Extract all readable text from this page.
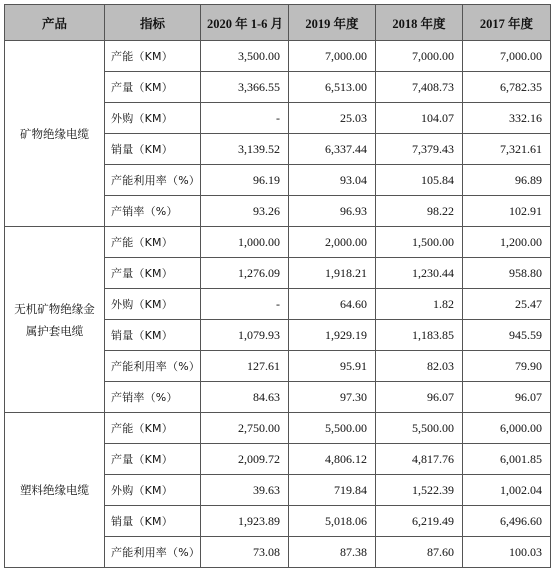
产品	指标	2020 年 1-6 月	2019 年度	2018 年度	2017 年度
矿物绝缘电缆	产能（KM）	3,500.00	7,000.00	7,000.00	7,000.00
	产量（KM）	3,366.55	6,513.00	7,408.73	6,782.35
	外购（KM）	-	25.03	104.07	332.16
	销量（KM）	3,139.52	6,337.44	7,379.43	7,321.61
	产能利用率（%）	96.19	93.04	105.84	96.89
	产销率（%）	93.26	96.93	98.22	102.91
无机矿物绝缘金属护套电缆	产能（KM）	1,000.00	2,000.00	1,500.00	1,200.00
	产量（KM）	1,276.09	1,918.21	1,230.44	958.80
	外购（KM）	-	64.60	1.82	25.47
	销量（KM）	1,079.93	1,929.19	1,183.85	945.59
	产能利用率（%）	127.61	95.91	82.03	79.90
	产销率（%）	84.63	97.30	96.07	96.07
塑料绝缘电缆	产能（KM）	2,750.00	5,500.00	5,500.00	6,000.00
	产量（KM）	2,009.72	4,806.12	4,817.76	6,001.85
	外购（KM）	39.63	719.84	1,522.39	1,002.04
	销量（KM）	1,923.89	5,018.06	6,219.49	6,496.60
	产能利用率（%）	73.08	87.38	87.60	100.03
